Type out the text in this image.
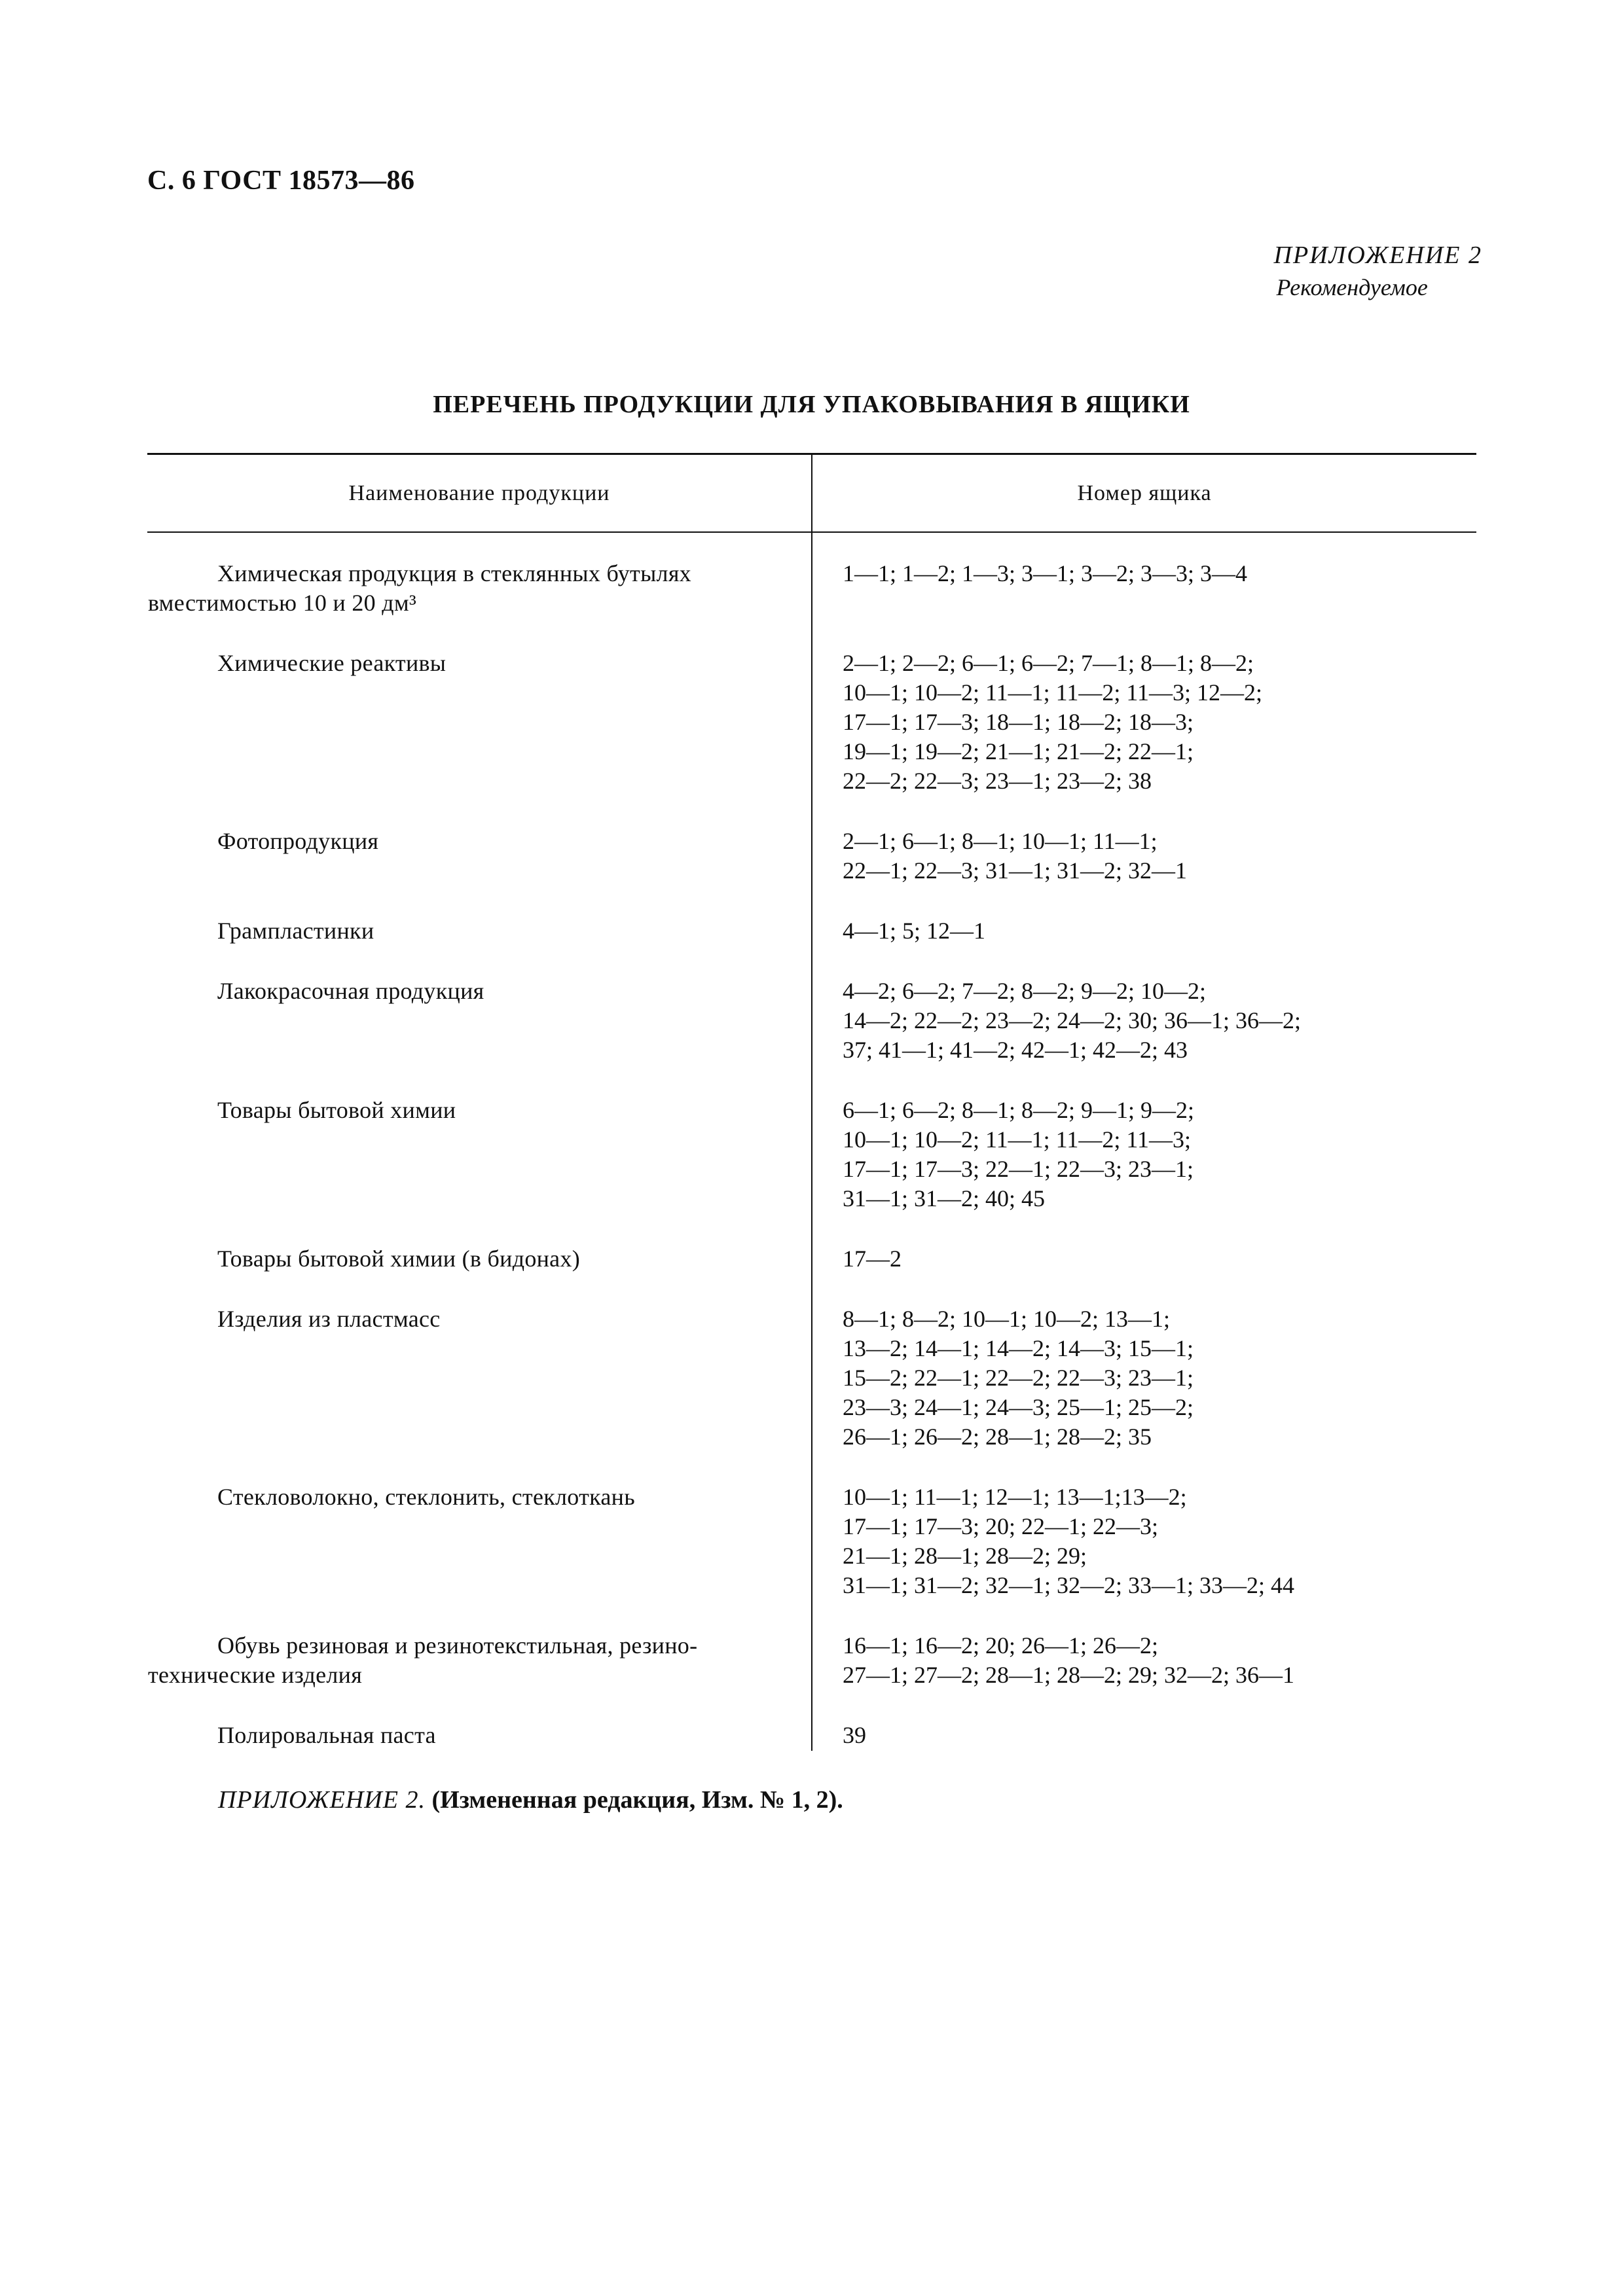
С. 6 ГОСТ 18573—86
ПРИЛОЖЕНИЕ 2
Рекомендуемое
ПЕРЕЧЕНЬ ПРОДУКЦИИ ДЛЯ УПАКОВЫВАНИЯ В ЯЩИКИ
Наименование продукции	Номер ящика

Химическая продукция в стеклянных бутылях
вместимостью 10 и 20 дм³	1—1; 1—2; 1—3; 3—1; 3—2; 3—3; 3—4

Химические реактивы	2—1; 2—2; 6—1; 6—2; 7—1; 8—1; 8—2;
10—1; 10—2; 11—1; 11—2; 11—3; 12—2;
17—1; 17—3; 18—1; 18—2; 18—3;
19—1; 19—2; 21—1; 21—2; 22—1;
22—2; 22—3; 23—1; 23—2; 38

Фотопродукция	2—1; 6—1; 8—1; 10—1; 11—1;
22—1; 22—3; 31—1; 31—2; 32—1

Грампластинки	4—1; 5; 12—1

Лакокрасочная продукция	4—2; 6—2; 7—2; 8—2; 9—2; 10—2;
14—2; 22—2; 23—2; 24—2; 30; 36—1; 36—2;
37; 41—1; 41—2; 42—1; 42—2; 43

Товары бытовой химии	6—1; 6—2; 8—1; 8—2; 9—1; 9—2;
10—1; 10—2; 11—1; 11—2; 11—3;
17—1; 17—3; 22—1; 22—3; 23—1;
31—1; 31—2; 40; 45

Товары бытовой химии (в бидонах)	17—2

Изделия из пластмасс	8—1; 8—2; 10—1; 10—2; 13—1;
13—2; 14—1; 14—2; 14—3; 15—1;
15—2; 22—1; 22—2; 22—3; 23—1;
23—3; 24—1; 24—3; 25—1; 25—2;
26—1; 26—2; 28—1; 28—2; 35

Стекловолокно, стеклонить, стеклоткань	10—1; 11—1; 12—1; 13—1;13—2;
17—1; 17—3; 20; 22—1; 22—3;
21—1; 28—1; 28—2; 29;
31—1; 31—2; 32—1; 32—2; 33—1; 33—2; 44

Обувь резиновая и резинотекстильная, резино-
технические изделия	16—1; 16—2; 20; 26—1; 26—2;
27—1; 27—2; 28—1; 28—2; 29; 32—2; 36—1

Полировальная паста	39
ПРИЛОЖЕНИЕ 2. (Измененная редакция, Изм. № 1, 2).
